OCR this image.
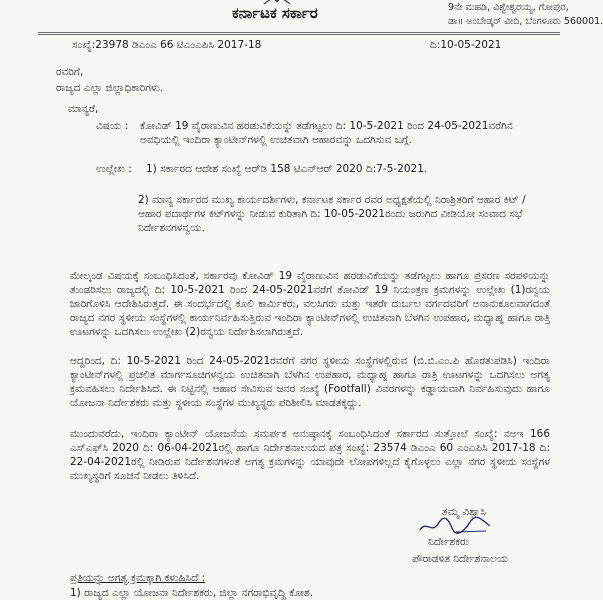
ಕರ್ನಾಟಕ ಸರ್ಕಾರ	9ನೇ ಮಹಡಿ, ವಿಶ್ವೇಶ್ವರಯ್ಯ, ಗೋಪುರ,
ಡಾ॥ ಅಂಬೇಡ್ಕರ್ ವೀದಿ, ಬೆಂಗಳೂರು 560001.
ಸಂಖ್ಯೆ:23978 ಡಿಎಂಎ 66 ಟಿಎಂಎಪಿಸಿ 2017-18	ದಿ:10-05-2021
ರವರಿಗೆ,
ರಾಜ್ಯದ ಎಲ್ಲಾ ಜಿಲ್ಲಾಧಿಕಾರಿಗಳು.
ಮಾನ್ಯರೆ,
ವಿಷಯ : ಕೋವಿಡ್ 19 ವೈರಾಣುವಿನ ಹರಡುವಿಕೆಯನ್ನು ತಡೆಗಟ್ಟಲು ದಿ: 10-5-2021 ರಿಂದ 24-05-2021ವರೆಗಿನ ಅವಧಿಯಲ್ಲಿ ಇಂದಿರಾ ಕ್ಯಾಂಟೀನ್‌ಗಳಲ್ಲಿ ಉಚಿತವಾಗಿ ಆಹಾರವನ್ನು ಒದಗಿಸುವ ಬಗ್ಗೆ.
ಉಲ್ಲೇಖ : 1) ಸರ್ಕಾರದ ಆದೇಶ ಸಂಖ್ಯೆ ಆರ್‌ಡಿ 158 ಟಿಎನ್‌ಆರ್ 2020 ದಿ:7-5-2021.
2) ಮಾನ್ಯ ಸರ್ಕಾರದ ಮುಖ್ಯ ಕಾರ್ಯದರ್ಶಿಗಳು, ಕರ್ನಾಟಕ ಸರ್ಕಾರ ರವರ ಅಧ್ಯಕ್ಷತೆಯಲ್ಲಿ ನಿರಾಶ್ರಿತರಿಗೆ ಆಹಾರ ಕಿಟ್ / ಆಹಾರ ಪದಾರ್ಥಗಳ ಕಿಟ್‌ಗಳನ್ನು ನೀಡುವ ಕುರಿತಾಗಿ ದಿ: 10-05-2021ರಂದು ಜರುಗಿದ ವೀಡಿಯೋ ಸಂವಾದ ಸಭೆ ನಿರ್ದೇಶನಗಳನ್ವಯ.
ಮೇಲ್ಕಂಡ ವಿಷಯಕ್ಕೆ ಸಂಬಂಧಿಸಿದಂತೆ, ಸರ್ಕಾರವು ಕೋವಿಡ್ 19 ವೈರಾಣುವಿನ ಹರಡುವಿಕೆಯನ್ನು ತಡೆಗಟ್ಟಲು ಹಾಗೂ ಪ್ರಸರಣ ಸರಪಳಿಯನ್ನು ತುಂಡರಿಸಲು ರಾಜ್ಯದಲ್ಲಿ ದಿ: 10-5-2021 ರಿಂದ 24-05-2021ವರೆಗೆ ಕೋವಿಡ್ 19 ನಿಯಂತ್ರಣ ಕ್ರಮಗಳನ್ನು ಉಲ್ಲೇಖ (1)ರನ್ವಯ ಜಾರಿಗೊಳಿಸಿ ಆದೇಶಿಸಿರುತ್ತದೆ. ಈ ಸಂದರ್ಭದಲ್ಲಿ ಕೂಲಿ ಕಾರ್ಮಿಕರು, ವಲಸಿಗರು ಮತ್ತು ಇತರೇ ದುರ್ಬಲ ವರ್ಗದವರಿಗೆ ಅನಾನುಕೂಲವಾಗದಂತೆ ರಾಜ್ಯದ ನಗರ ಸ್ಥಳೀಯ ಸಂಸ್ಥೆಗಳಲ್ಲಿ ಕಾರ್ಯನಿರ್ವಹಿಸುತ್ತಿರುವ ಇಂದಿರಾ ಕ್ಯಾಂಟೀನ್‌ಗಳಲ್ಲಿ ಉಚಿತವಾಗಿ ಬೆಳಗಿನ ಉಪಹಾರ, ಮಧ್ಯಾಹ್ನ ಹಾಗೂ ರಾತ್ರಿ ಊಟಗಳನ್ನು ಒದಗಿಸಲು ಉಲ್ಲೇಖ (2)ರನ್ವಯ ನಿರ್ದೇಶಿಸಲಾಗಿರುತ್ತದೆ.
ಆದ್ದರಿಂದ, ದಿ: 10-5-2021 ರಿಂದ 24-05-2021ರವರೆಗೆ ನಗರ ಸ್ಥಳೀಯ ಸಂಸ್ಥೆಗಳಲ್ಲಿರುವ (ಬಿ.ಬಿ.ಎಂ.ಪಿ ಹೊರತುಪಡಿಸಿ) ಇಂದಿರಾ ಕ್ಯಾಂಟೀನ್‌ಗಳಲ್ಲಿ ಪ್ರಚಲಿತ ಮಾರ್ಗಸೂಚಿಗಳನ್ವಯ ಉಚಿತವಾಗಿ ಬೆಳಗಿನ ಉಪಹಾರ, ಮಧ್ಯಾಹ್ನ ಹಾಗೂ ರಾತ್ರಿ ಊಟಗಳನ್ನು ಒದಗಿಸಲು ಅಗತ್ಯ ಕ್ರಮವಹಿಸಲು ನಿರ್ದೇಶಿಸಿದೆ. ಈ ನಿಟ್ಟಿನಲ್ಲಿ ಆಹಾರ ಸೇವಿಸುವ ಜನರ ಸಂಖ್ಯೆ (Footfall) ವಿವರಗಳನ್ನು ಕಡ್ಡಾಯವಾಗಿ ನಿರ್ವಹಿಸುವುದು ಹಾಗೂ ಯೋಜನಾ ನಿರ್ದೇಶಕರು ಮತ್ತು ಸ್ಥಳೀಯ ಸಂಸ್ಥೆಗಳ ಮುಖ್ಯಸ್ಥರು ಪರಿಶೀಲಿಸಿ ಮಾಡತಕ್ಕದ್ದು.
ಮುಂದುವರೆದು, ಇಂದಿರಾ ಕ್ಯಾಂಟೀನ್ ಯೋಜನೆಯ ಸಮರ್ಪಕ ಅನುಷ್ಠಾನಕ್ಕೆ ಸಂಬಂಧಿಸಿದಂತೆ ಸರ್ಕಾರದ ಸುತ್ತೋಲೆ ಸಂಖ್ಯೆ: ನಅಇ 166 ಎಸ್‌ಎಫ್‌ಸಿ 2020 ದಿ: 06-04-2021ರಲ್ಲಿ ಹಾಗೂ ನಿರ್ದೇಶನಾಲಯದ ಪತ್ರ ಸಂಖ್ಯೆ: 23574 ಡಿಎಂಎ 60 ಎಂಎಪಿಸಿ 2017-18 ದಿ: 22-04-2021ರಲ್ಲಿ ನೀಡಿರುವ ನಿರ್ದೇಶನಗಳಂತೆ ಅಗತ್ಯ ಕ್ರಮಗಳನ್ನು ಯಾವುದೇ ಲೋಪಗಳಿಲ್ಲದೆ ಕೈಗೊಳ್ಳಲು ಎಲ್ಲಾ ನಗರ ಸ್ಥಳೀಯ ಸಂಸ್ಥೆಗಳ ಮುಖ್ಯಸ್ಥರಿಗೆ ಸೂಚನೆ ನೀಡಲು ತಿಳಿಸಿದೆ.
ತಮ್ಮ ವಿಶ್ವಾಸಿ
ನಿರ್ದೇಶಕರು
ಪೌರಾಡಳಿತ ನಿರ್ದೇಶನಾಲಯ
ಪ್ರತಿಯನ್ನು ಅಗತ್ಯ ಕ್ರಮಕ್ಕಾಗಿ ಕಳುಹಿಸಿದೆ :
1) ರಾಜ್ಯದ ಎಲ್ಲಾ ಯೋಜನಾ ನಿರ್ದೇಶಕರು, ಜಿಲ್ಲಾ ನಗರಾಭಿವೃದ್ಧಿ ಕೋಶ.
